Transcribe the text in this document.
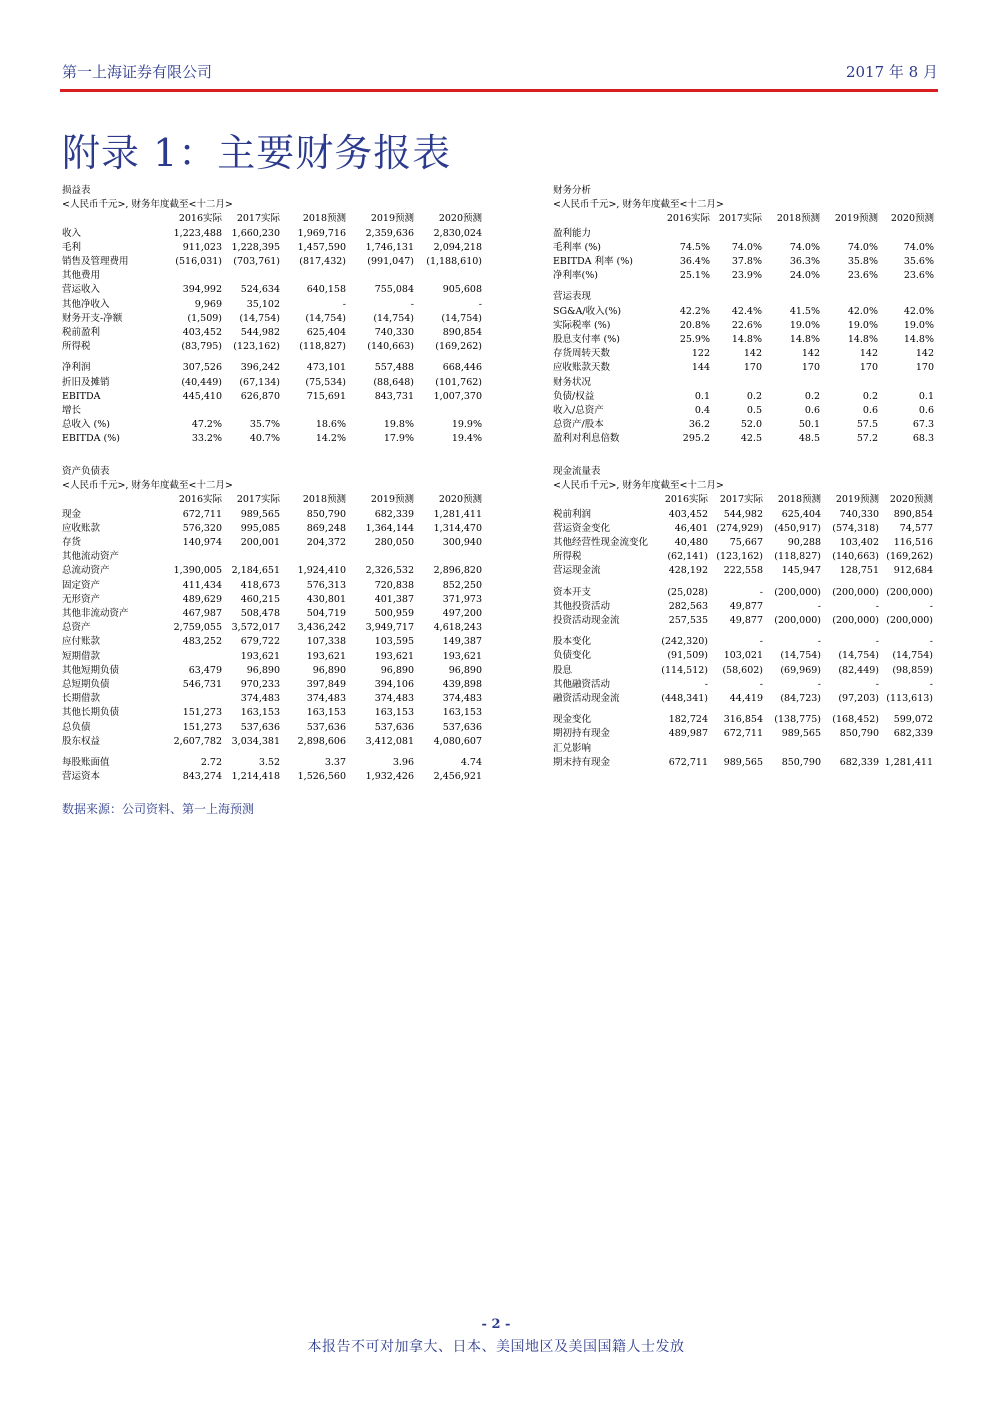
第一上海证券有限公司	2017 年 8 月
附录 1：主要财务报表
损益表
<人民币千元>, 财务年度截至<十二月>
	2016实际	2017实际	2018预测	2019预测	2020预测
收入	1,223,488	1,660,230	1,969,716	2,359,636	2,830,024
毛利	911,023	1,228,395	1,457,590	1,746,131	2,094,218
销售及管理费用	(516,031)	(703,761)	(817,432)	(991,047)	(1,188,610)
其他费用					
营运收入	394,992	524,634	640,158	755,084	905,608
其他净收入	9,969	35,102	-	-	-
财务开支-净额	(1,509)	(14,754)	(14,754)	(14,754)	(14,754)
税前盈利	403,452	544,982	625,404	740,330	890,854
所得税	(83,795)	(123,162)	(118,827)	(140,663)	(169,262)

净利润	307,526	396,242	473,101	557,488	668,446
折旧及摊销	(40,449)	(67,134)	(75,534)	(88,648)	(101,762)
EBITDA	445,410	626,870	715,691	843,731	1,007,370
增长					
总收入 (%)	47.2%	35.7%	18.6%	19.8%	19.9%
EBITDA (%)	33.2%	40.7%	14.2%	17.9%	19.4%
财务分析
<人民币千元>, 财务年度截至<十二月>
	2016实际	2017实际	2018预测	2019预测	2020预测
盈利能力					
毛利率 (%)	74.5%	74.0%	74.0%	74.0%	74.0%
EBITDA 利率 (%)	36.4%	37.8%	36.3%	35.8%	35.6%
净利率(%)	25.1%	23.9%	24.0%	23.6%	23.6%

营运表现					
SG&A/收入(%)	42.2%	42.4%	41.5%	42.0%	42.0%
实际税率 (%)	20.8%	22.6%	19.0%	19.0%	19.0%
股息支付率 (%)	25.9%	14.8%	14.8%	14.8%	14.8%
存货周转天数	122	142	142	142	142
应收账款天数	144	170	170	170	170
财务状况					
负债/权益	0.1	0.2	0.2	0.2	0.1
收入/总资产	0.4	0.5	0.6	0.6	0.6
总资产/股本	36.2	52.0	50.1	57.5	67.3
盈利对利息倍数	295.2	42.5	48.5	57.2	68.3
资产负债表
<人民币千元>, 财务年度截至<十二月>
	2016实际	2017实际	2018预测	2019预测	2020预测
现金	672,711	989,565	850,790	682,339	1,281,411
应收账款	576,320	995,085	869,248	1,364,144	1,314,470
存货	140,974	200,001	204,372	280,050	300,940
其他流动资产					
总流动资产	1,390,005	2,184,651	1,924,410	2,326,532	2,896,820
固定资产	411,434	418,673	576,313	720,838	852,250
无形资产	489,629	460,215	430,801	401,387	371,973
其他非流动资产	467,987	508,478	504,719	500,959	497,200
总资产	2,759,055	3,572,017	3,436,242	3,949,717	4,618,243
应付账款	483,252	679,722	107,338	103,595	149,387
短期借款		193,621	193,621	193,621	193,621
其他短期负债	63,479	96,890	96,890	96,890	96,890
总短期负债	546,731	970,233	397,849	394,106	439,898
长期借款		374,483	374,483	374,483	374,483
其他长期负债	151,273	163,153	163,153	163,153	163,153
总负债	151,273	537,636	537,636	537,636	537,636
股东权益	2,607,782	3,034,381	2,898,606	3,412,081	4,080,607

每股账面值	2.72	3.52	3.37	3.96	4.74
营运资本	843,274	1,214,418	1,526,560	1,932,426	2,456,921
现金流量表
<人民币千元>, 财务年度截至<十二月>
	2016实际	2017实际	2018预测	2019预测	2020预测
税前利润	403,452	544,982	625,404	740,330	890,854
营运资金变化	46,401	(274,929)	(450,917)	(574,318)	74,577
其他经营性现金流变化	40,480	75,667	90,288	103,402	116,516
所得税	(62,141)	(123,162)	(118,827)	(140,663)	(169,262)
营运现金流	428,192	222,558	145,947	128,751	912,684

资本开支	(25,028)	-	(200,000)	(200,000)	(200,000)
其他投资活动	282,563	49,877	-	-	-
投资活动现金流	257,535	49,877	(200,000)	(200,000)	(200,000)

股本变化	(242,320)	-	-	-	-
负债变化	(91,509)	103,021	(14,754)	(14,754)	(14,754)
股息	(114,512)	(58,602)	(69,969)	(82,449)	(98,859)
其他融资活动	-	-	-	-	-
融资活动现金流	(448,341)	44,419	(84,723)	(97,203)	(113,613)

现金变化	182,724	316,854	(138,775)	(168,452)	599,072
期初持有现金	489,987	672,711	989,565	850,790	682,339
汇兑影响					
期末持有现金	672,711	989,565	850,790	682,339	1,281,411
数据来源：公司资料、第一上海预测
- 2 -
本报告不可对加拿大、日本、美国地区及美国国籍人士发放
